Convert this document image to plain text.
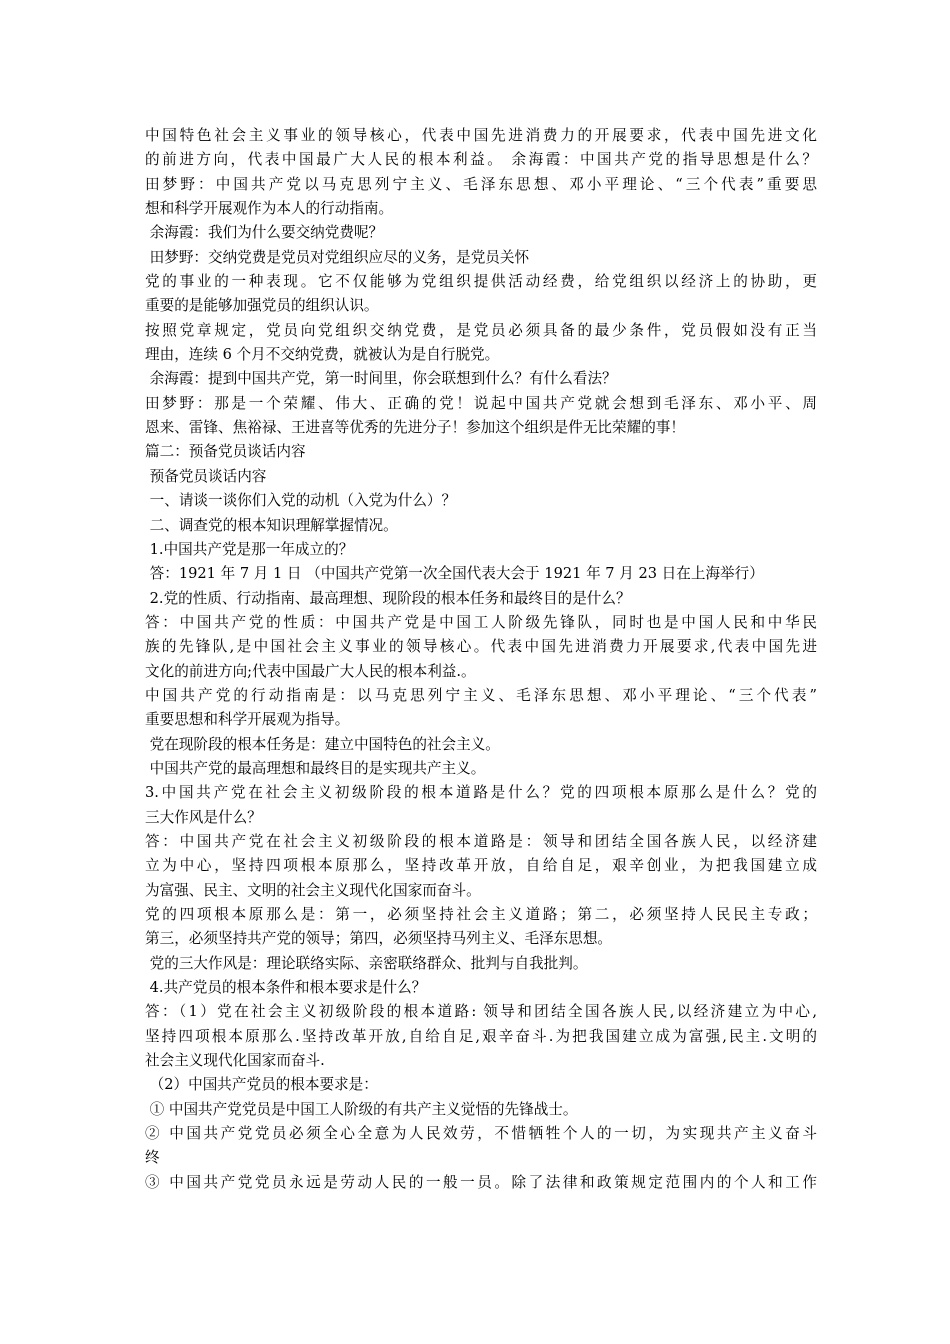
中国特色社会主义事业的领导核心，代表中国先进消费力的开展要求，代表中国先进文化
的前进方向，代表中国最广大人民的根本利益。 余海霞：中国共产党的指导思想是什么？
田梦野：中国共产党以马克思列宁主义、毛泽东思想、邓小平理论、“三个代表”重要思
想和科学开展观作为本人的行动指南。
余海霞：我们为什么要交纳党费呢？
田梦野：交纳党费是党员对党组织应尽的义务，是党员关怀
党的事业的一种表现。它不仅能够为党组织提供活动经费，给党组织以经济上的协助，更
重要的是能够加强党员的组织认识。
按照党章规定，党员向党组织交纳党费，是党员必须具备的最少条件，党员假如没有正当
理由，连续 6 个月不交纳党费，就被认为是自行脱党。
余海霞：提到中国共产党，第一时间里，你会联想到什么？有什么看法？
田梦野：那是一个荣耀、伟大、正确的党！说起中国共产党就会想到毛泽东、邓小平、周
恩来、雷锋、焦裕禄、王进喜等优秀的先进分子！参加这个组织是件无比荣耀的事！
篇二：预备党员谈话内容
预备党员谈话内容
一、请谈一谈你们入党的动机（入党为什么）？
二、调查党的根本知识理解掌握情况。
1.中国共产党是那一年成立的？
答：1921 年 7 月 1 日 （中国共产党第一次全国代表大会于 1921 年 7 月 23 日在上海举行）
2.党的性质、行动指南、最高理想、现阶段的根本任务和最终目的是什么？
答：中国共产党的性质：中国共产党是中国工人阶级先锋队，同时也是中国人民和中华民
族的先锋队,是中国社会主义事业的领导核心。代表中国先进消费力开展要求,代表中国先进
文化的前进方向;代表中国最广大人民的根本利益.。
中国共产党的行动指南是：以马克思列宁主义、毛泽东思想、邓小平理论、“三个代表”
重要思想和科学开展观为指导。
党在现阶段的根本任务是：建立中国特色的社会主义。
中国共产党的最高理想和最终目的是实现共产主义。
3.中国共产党在社会主义初级阶段的根本道路是什么？党的四项根本原那么是什么？党的
三大作风是什么？
答：中国共产党在社会主义初级阶段的根本道路是：领导和团结全国各族人民，以经济建
立为中心，坚持四项根本原那么，坚持改革开放，自给自足，艰辛创业，为把我国建立成
为富强、民主、文明的社会主义现代化国家而奋斗。
党的四项根本原那么是：第一，必须坚持社会主义道路；第二，必须坚持人民民主专政；
第三，必须坚持共产党的领导；第四，必须坚持马列主义、毛泽东思想。
党的三大作风是：理论联络实际、亲密联络群众、批判与自我批判。
4.共产党员的根本条件和根本要求是什么？
答：（1）党在社会主义初级阶段的根本道路: 领导和团结全国各族人民,以经济建立为中心,
坚持四项根本原那么.坚持改革开放,自给自足,艰辛奋斗.为把我国建立成为富强,民主.文明的
社会主义现代化国家而奋斗.
（2）中国共产党员的根本要求是：
① 中国共产党党员是中国工人阶级的有共产主义觉悟的先锋战士。
② 中国共产党党员必须全心全意为人民效劳，不惜牺牲个人的一切，为实现共产主义奋斗
终
③ 中国共产党党员永远是劳动人民的一般一员。除了法律和政策规定范围内的个人和工作
